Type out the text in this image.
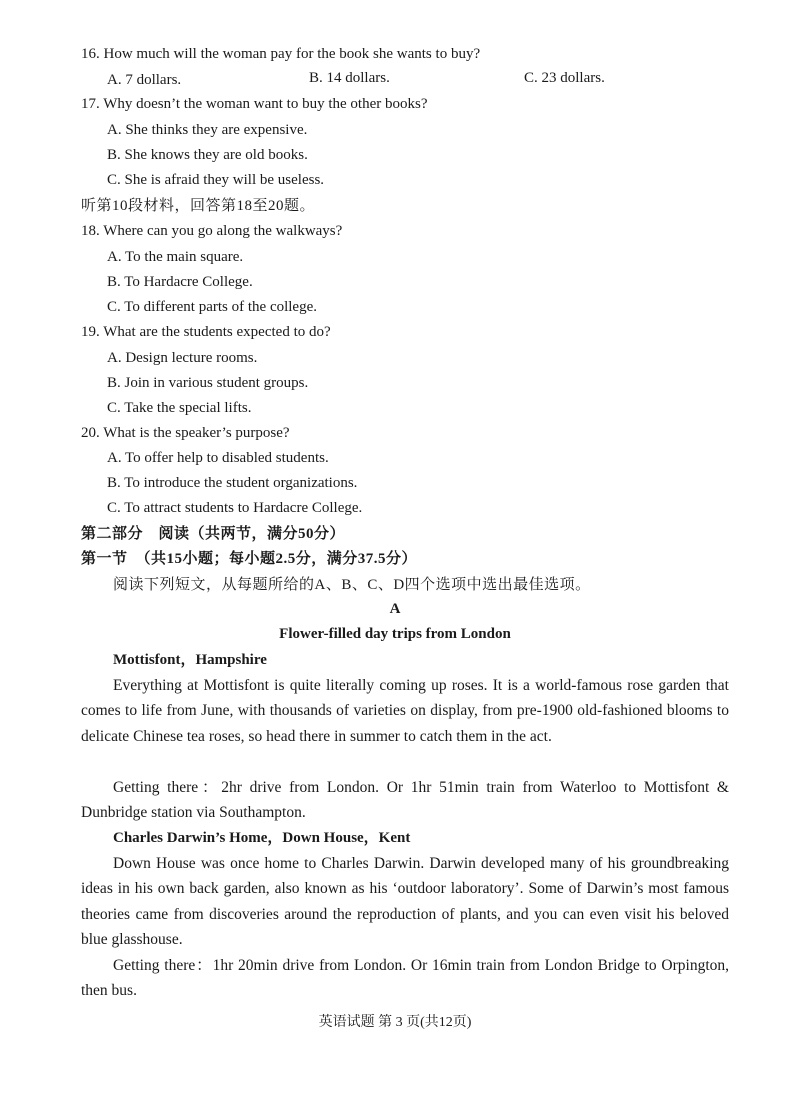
16. How much will the woman pay for the book she wants to buy?
A. 7 dollars.	B. 14 dollars.	C. 23 dollars.
17. Why doesn’t the woman want to buy the other books?
A. She thinks they are expensive.
B. She knows they are old books.
C. She is afraid they will be useless.
听第10段材料，回答第18至20题。
18. Where can you go along the walkways?
A. To the main square.
B. To Hardacre College.
C. To different parts of the college.
19. What are the students expected to do?
A. Design lecture rooms.
B. Join in various student groups.
C. Take the special lifts.
20. What is the speaker’s purpose?
A. To offer help to disabled students.
B. To introduce the student organizations.
C. To attract students to Hardacre College.
第二部分　阅读（共两节，满分50分）
第一节　（共15小题；每小题2.5分，满分37.5分）
阅读下列短文，从每题所给的A、B、C、D四个选项中选出最佳选项。
A
Flower-filled day trips from London
Mottisfont，Hampshire

Everything at Mottisfont is quite literally coming up roses. It is a world-famous rose garden that comes to life from June, with thousands of varieties on display, from pre-1900 old-fashioned blooms to delicate Chinese tea roses, so head there in summer to catch them in the act.

Getting there：2hr drive from London. Or 1hr 51min train from Waterloo to Mottisfont & Dunbridge station via Southampton.

Charles Darwin’s Home，Down House，Kent

Down House was once home to Charles Darwin. Darwin developed many of his groundbreaking ideas in his own back garden, also known as his ‘outdoor laboratory’. Some of Darwin’s most famous theories came from discoveries around the reproduction of plants, and you can even visit his beloved blue glasshouse.

Getting there：1hr 20min drive from London. Or 16min train from London Bridge to Orpington, then bus.

英语试题 第 3 页(共12页)
